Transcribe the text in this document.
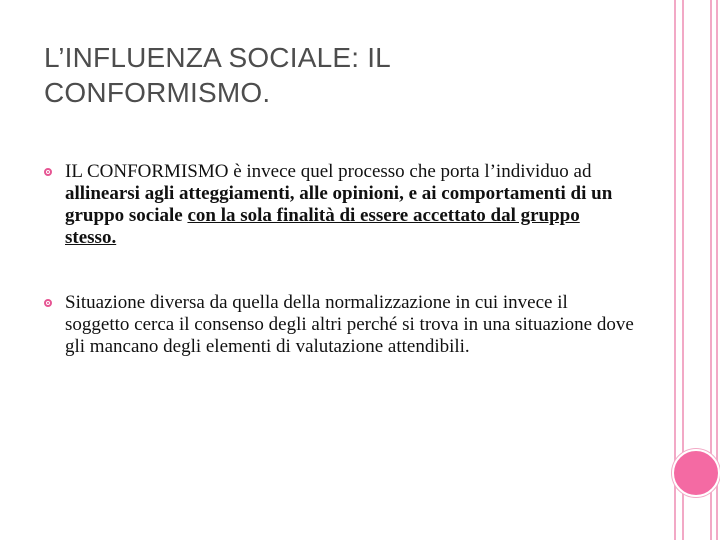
L’INFLUENZA SOCIALE: IL CONFORMISMO.
IL CONFORMISMO è invece quel processo che porta l’individuo ad allinearsi agli atteggiamenti, alle opinioni, e ai comportamenti di un gruppo sociale con la sola finalità di essere accettato dal gruppo stesso.
Situazione diversa da quella della normalizzazione in cui invece il soggetto cerca il consenso degli altri perché si trova in una situazione dove gli mancano degli elementi di valutazione attendibili.
